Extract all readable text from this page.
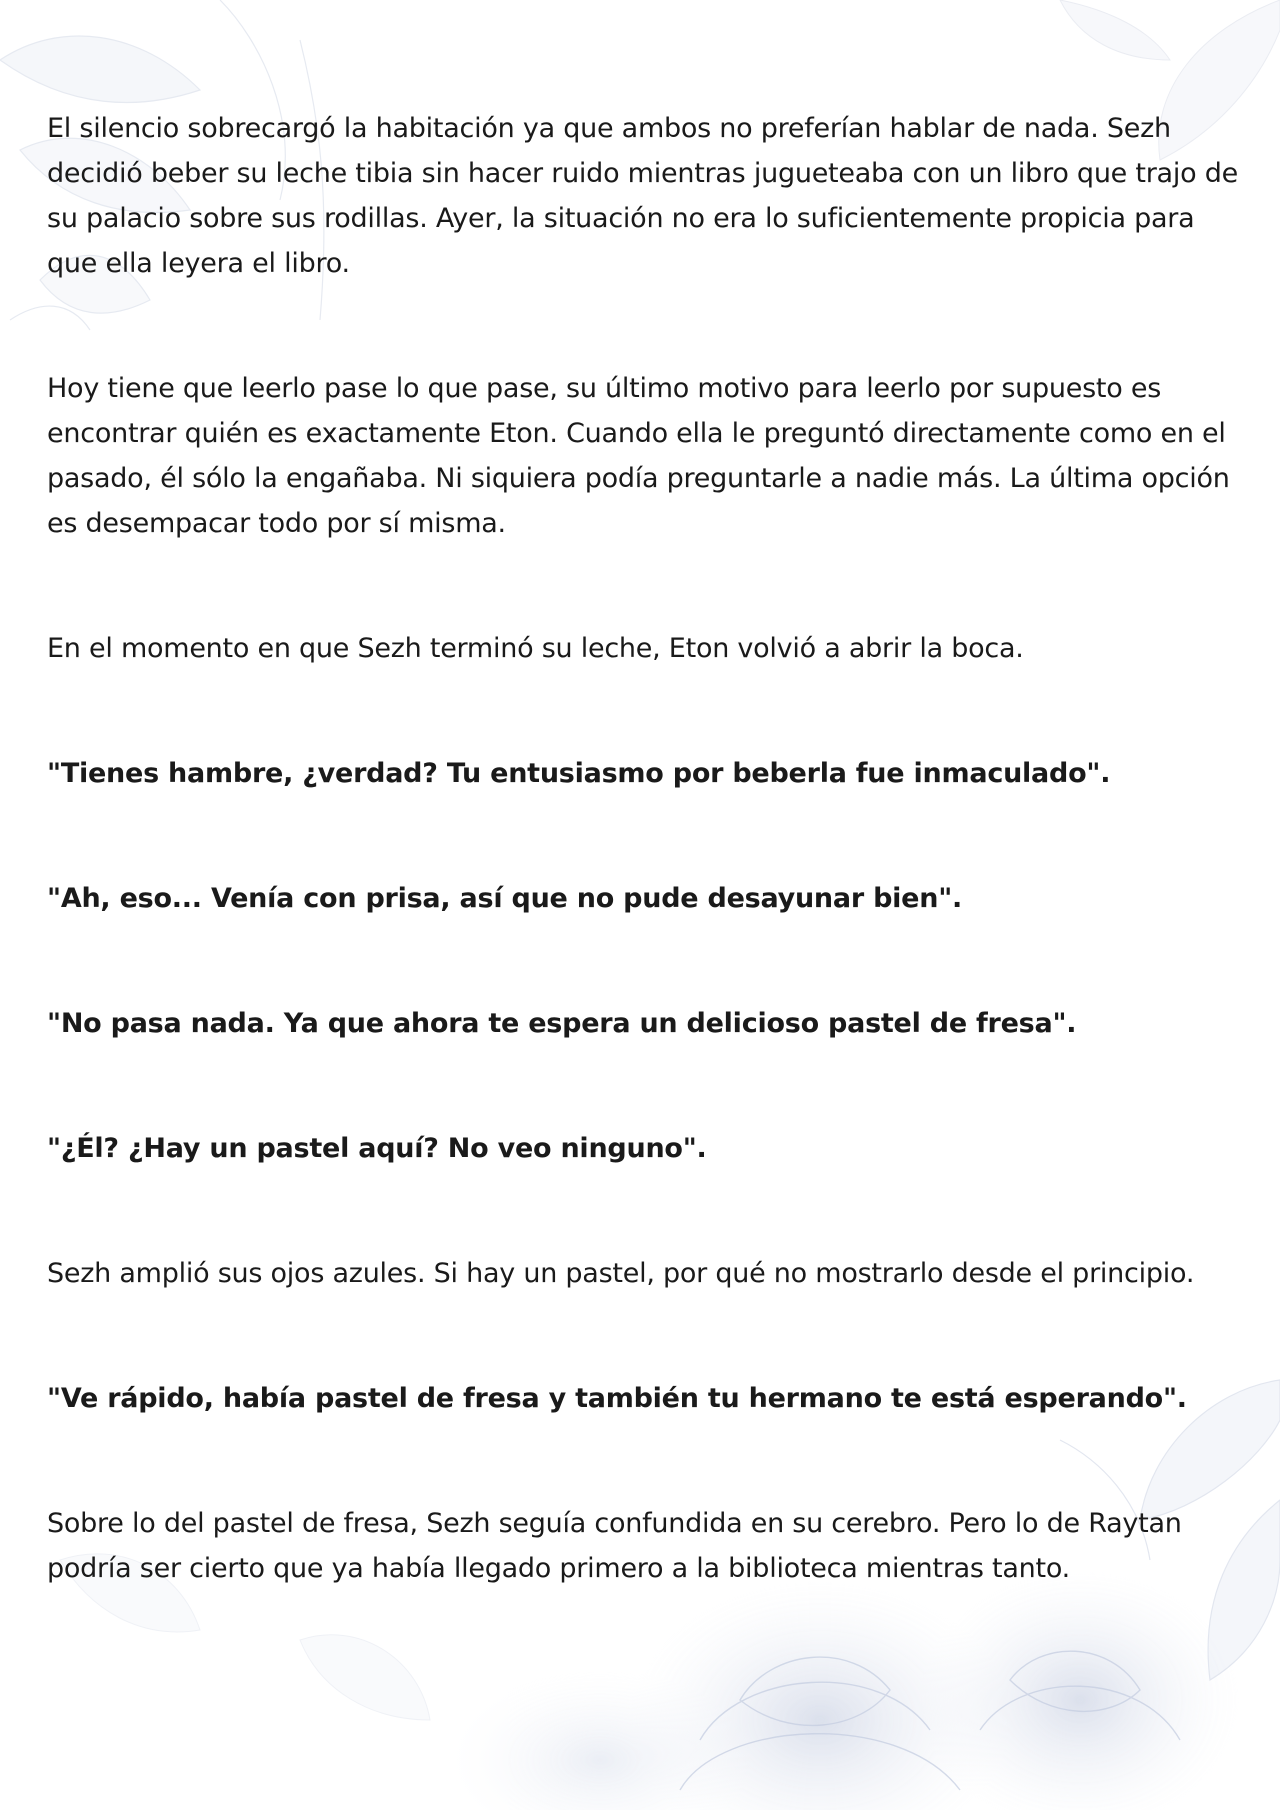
El silencio sobrecargó la habitación ya que ambos no preferían hablar de nada. Sezh decidió beber su leche tibia sin hacer ruido mientras jugueteaba con un libro que trajo de su palacio sobre sus rodillas. Ayer, la situación no era lo suficientemente propicia para que ella leyera el libro.

Hoy tiene que leerlo pase lo que pase, su último motivo para leerlo por supuesto es encontrar quién es exactamente Eton. Cuando ella le preguntó directamente como en el pasado, él sólo la engañaba. Ni siquiera podía preguntarle a nadie más. La última opción es desempacar todo por sí misma.

En el momento en que Sezh terminó su leche, Eton volvió a abrir la boca.

"Tienes hambre, ¿verdad? Tu entusiasmo por beberla fue inmaculado".

"Ah, eso... Venía con prisa, así que no pude desayunar bien".

"No pasa nada. Ya que ahora te espera un delicioso pastel de fresa".

"¿Él? ¿Hay un pastel aquí? No veo ninguno".

Sezh amplió sus ojos azules. Si hay un pastel, por qué no mostrarlo desde el principio.

"Ve rápido, había pastel de fresa y también tu hermano te está esperando".

Sobre lo del pastel de fresa, Sezh seguía confundida en su cerebro. Pero lo de Raytan podría ser cierto que ya había llegado primero a la biblioteca mientras tanto.
